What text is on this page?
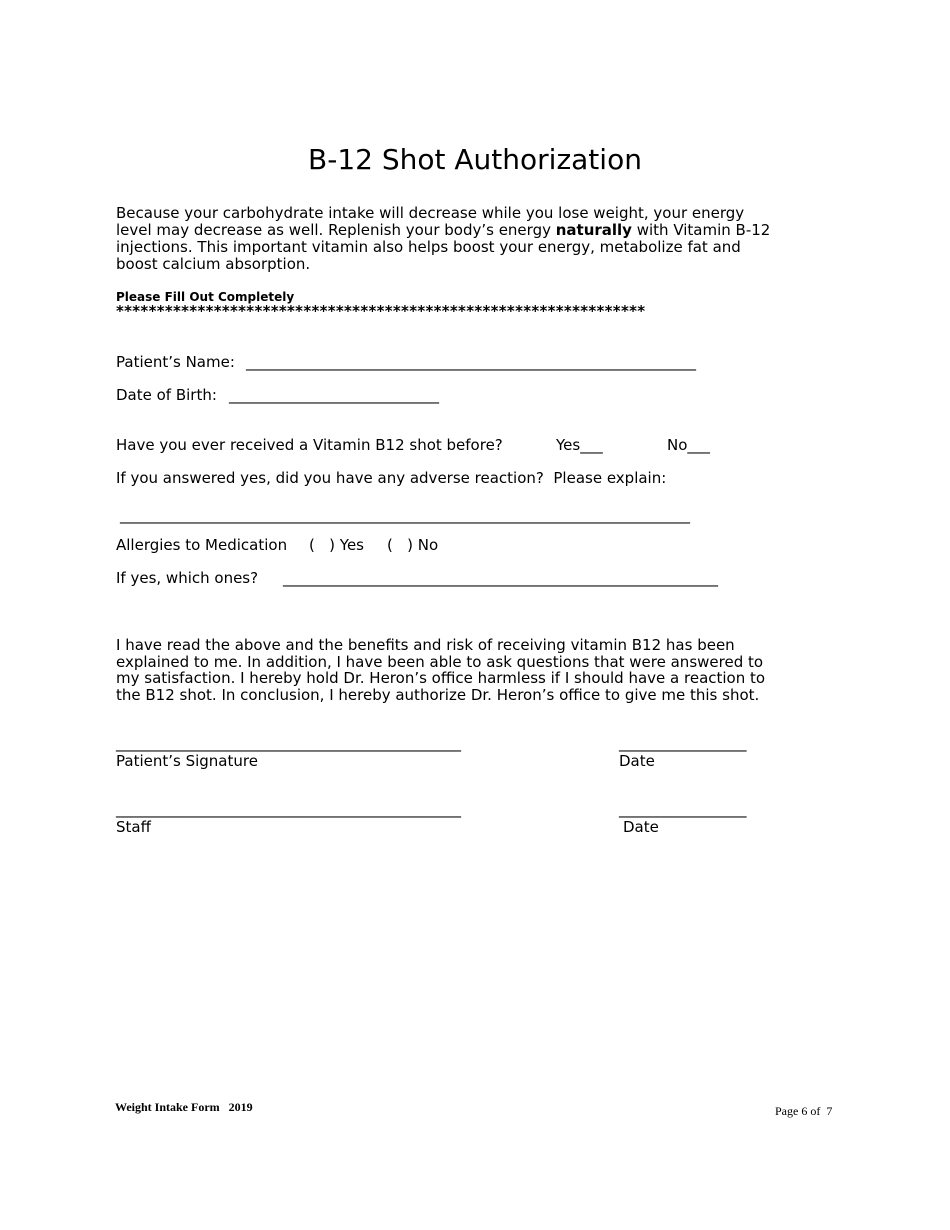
B-12 Shot Authorization

Because your carbohydrate intake will decrease while you lose weight, your energy

level may decrease as well. Replenish your body’s energy naturally with Vitamin B-12

injections. This important vitamin also helps boost your energy, metabolize fat and

boost calcium absorption.

Please Fill Out Completely
*****************************************************************
Patient’s Name: ____________________________________________________________
Date of Birth: ____________________________
Have you ever received a Vitamin B12 shot before?	Yes___	No___
If you answered yes, did you have any adverse reaction?  Please explain:
____________________________________________________________________________
Allergies to Medication (   ) Yes (   ) No
If yes, which ones? __________________________________________________________

I have read the above and the benefits and risk of receiving vitamin B12 has been

explained to me. In addition, I have been able to ask questions that were answered to

my satisfaction. I hereby hold Dr. Heron’s office harmless if I should have a reaction to

the B12 shot. In conclusion, I hereby authorize Dr. Heron’s office to give me this shot.

______________________________________________	_________________
Patient’s Signature	Date
______________________________________________	_________________
Staff	Date
Weight Intake Form   2019	Page 6 of  7
